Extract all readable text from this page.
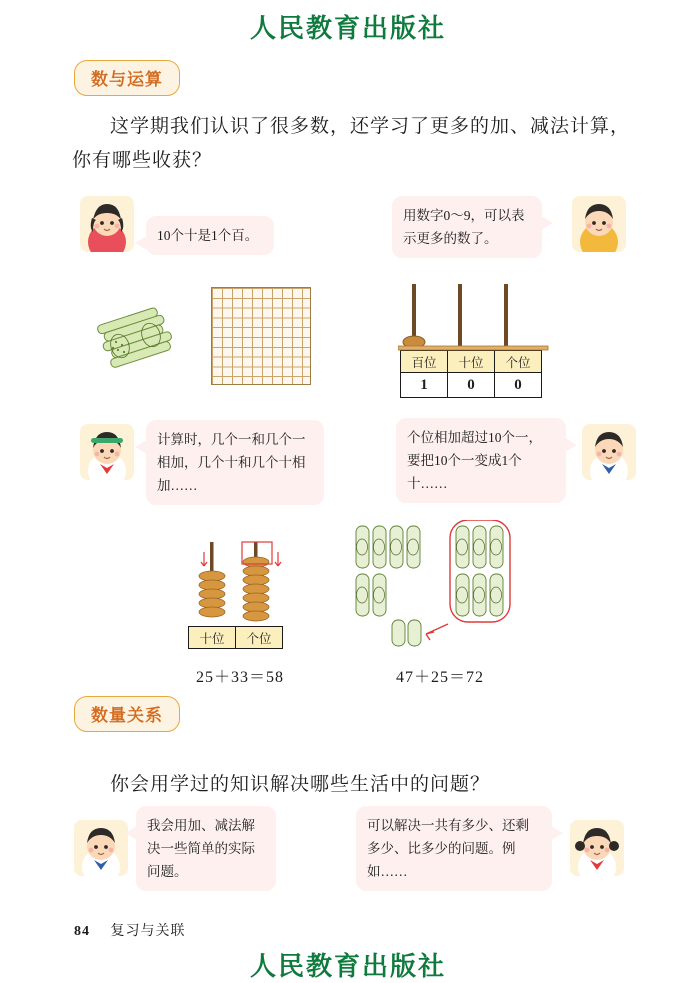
人民教育出版社
人民教育出版社
数与运算
这学期我们认识了很多数，还学习了更多的加、减法计算，你有哪些收获？
10个十是1个百。
用数字0～9，可以表示更多的数了。
百位	十位	个位
1	0	0
计算时，几个一和几个一相加，几个十和几个十相加……
个位相加超过10个一，要把10个一变成1个十……
十位	个位
25＋33＝58	47＋25＝72
数量关系
你会用学过的知识解决哪些生活中的问题？
我会用加、减法解决一些简单的实际问题。
可以解决一共有多少、还剩多少、比多少的问题。例如……
84 复习与关联
